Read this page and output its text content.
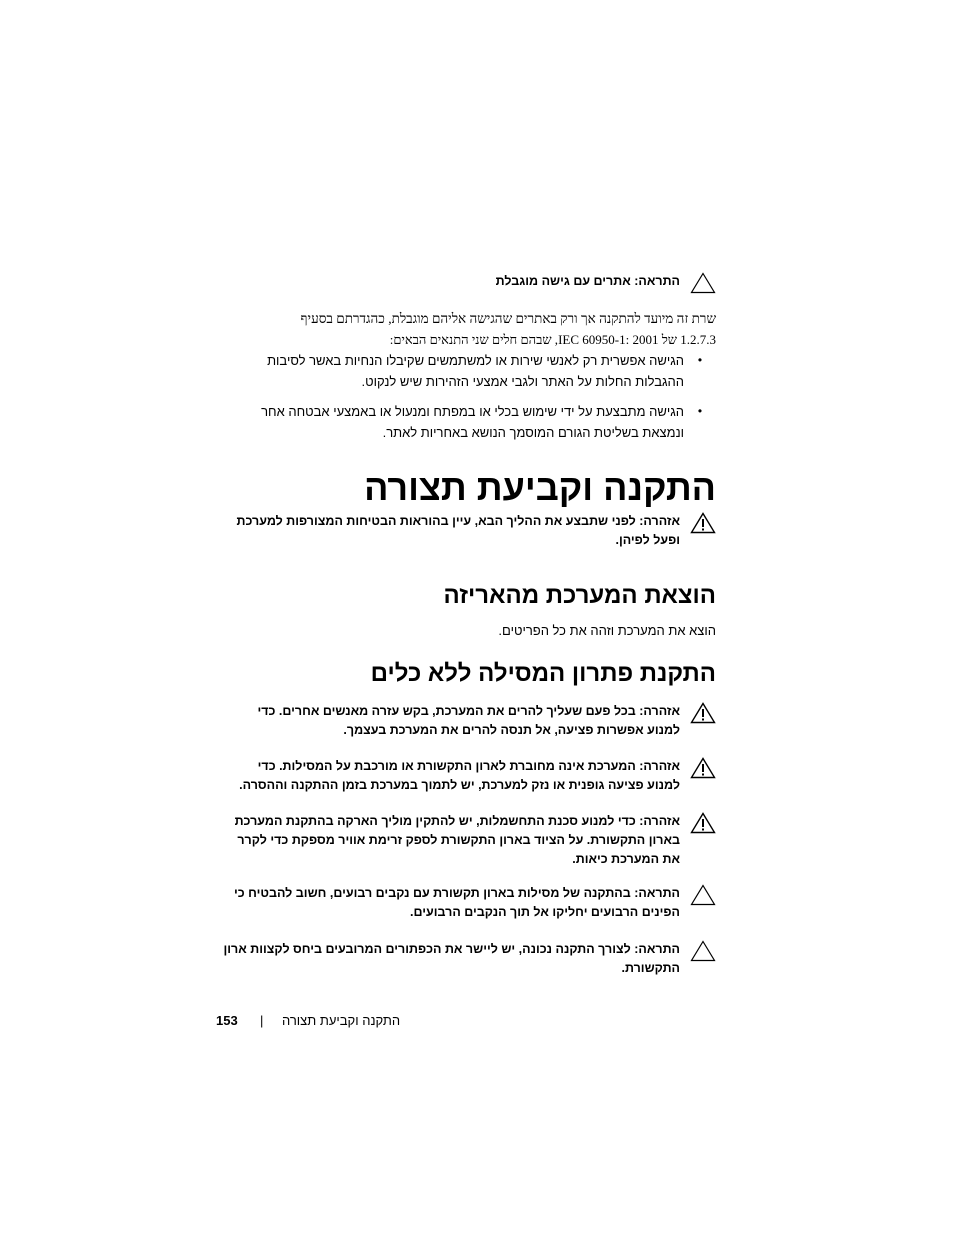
התראה: אתרים עם גישה מוגבלת
שרת זה מיועד להתקנה אך ורק באתרים שהגישה אליהם מוגבלת, כהגדרתם בסעיף
1.2.7.3 של IEC 60950-1: 2001, שבהם חלים שני התנאים הבאים:
•
הגישה אפשרית רק לאנשי שירות או למשתמשים שקיבלו הנחיות באשר לסיבות
ההגבלות החלות על האתר ולגבי אמצעי הזהירות שיש לנקוט.
•
הגישה מתבצעת על ידי שימוש בכלי או במפתח ומנעול או באמצעי אבטחה אחר
ונמצאת בשליטת הגורם המוסמך הנושא באחריות לאתר.
התקנה וקביעת תצורה
אזהרה: לפני שתבצע את ההליך הבא, עיין בהוראות הבטיחות המצורפות למערכת
ופעל לפיהן.
הוצאת המערכת מהאריזה
הוצא את המערכת וזהה את כל הפריטים.
התקנת פתרון המסילה ללא כלים
אזהרה: בכל פעם שעליך להרים את המערכת, בקש עזרה מאנשים אחרים. כדי
למנוע אפשרות פציעה, אל תנסה להרים את המערכת בעצמך.
אזהרה: המערכת אינה מחוברת לארון התקשורת או מורכבת על המסילות. כדי
למנוע פציעה גופנית או נזק למערכת, יש לתמוך במערכת בזמן ההתקנה וההסרה.
אזהרה: כדי למנוע סכנת התחשמלות, יש להתקין מוליך הארקה בהתקנת המערכת
בארון התקשורת. על הציוד בארון התקשורת לספק זרימת אוויר מספקת כדי לקרר
את המערכת כיאות.
התראה: בהתקנה של מסילות בארון תקשורת עם נקבים רבועים, חשוב להבטיח כי
הפינים הרבועים יחליקו אל תוך הנקבים הרבועים.
התראה: לצורך התקנה נכונה, יש ליישר את הכפתורים המרובעים ביחס לקצוות ארון
התקשורת.
153 | התקנה וקביעת תצורה
